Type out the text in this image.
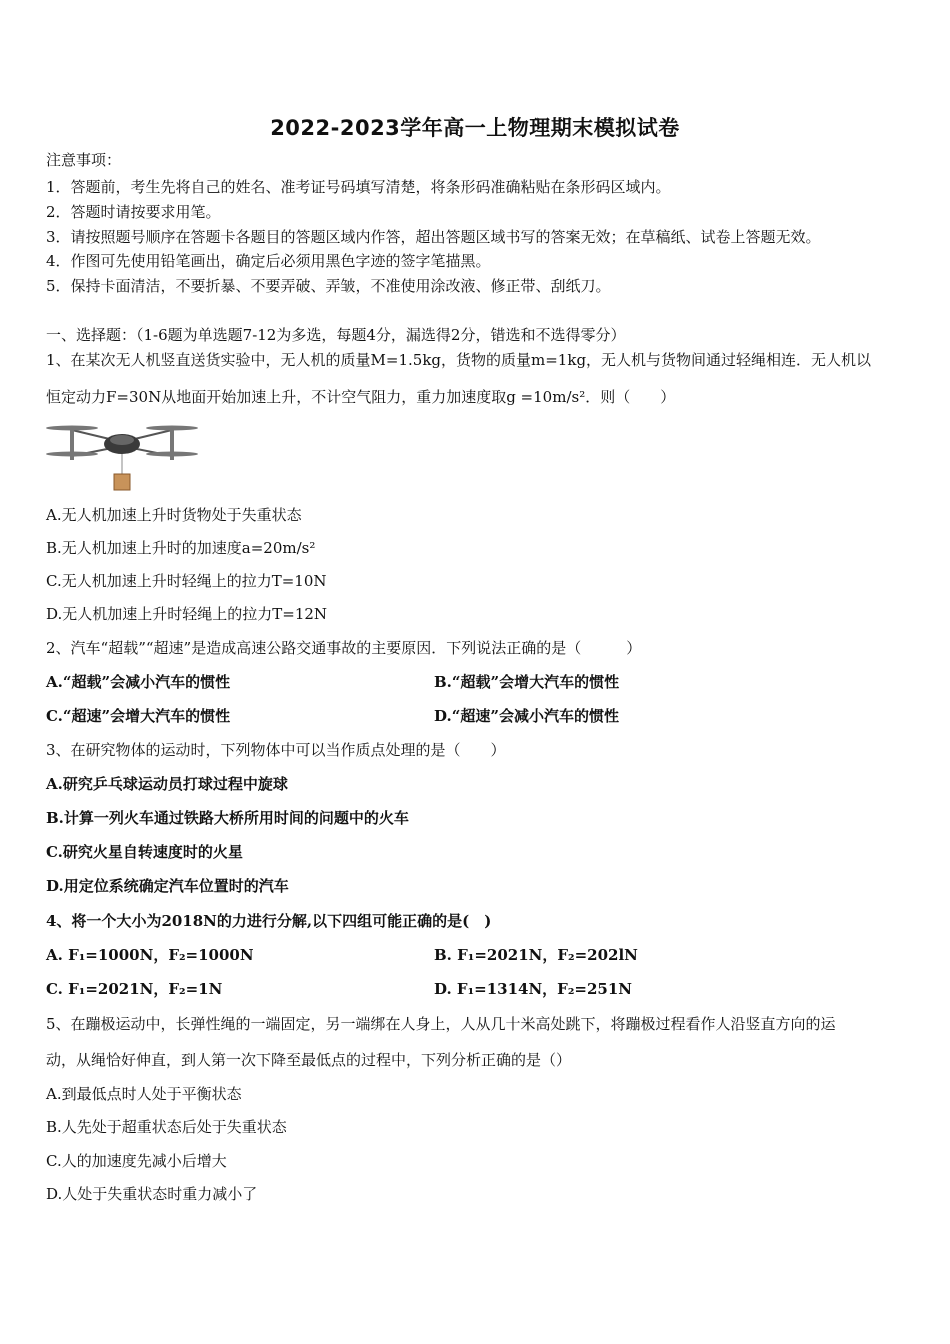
2022-2023学年高一上物理期末模拟试卷
注意事项：
1．答题前，考生先将自己的姓名、准考证号码填写清楚，将条形码准确粘贴在条形码区域内。
2．答题时请按要求用笔。
3．请按照题号顺序在答题卡各题目的答题区域内作答，超出答题区域书写的答案无效；在草稿纸、试卷上答题无效。
4．作图可先使用铅笔画出，确定后必须用黑色字迹的签字笔描黑。
5．保持卡面清洁，不要折暴、不要弄破、弄皱，不准使用涂改液、修正带、刮纸刀。
一、选择题：（1-6题为单选题7-12为多选，每题4分，漏选得2分，错选和不选得零分）
1、在某次无人机竖直送货实验中，无人机的质量M=1.5kg，货物的质量m=1kg，无人机与货物间通过轻绳相连．无人机以
恒定动力F=30N从地面开始加速上升，不计空气阻力，重力加速度取g =10m/s²．则（　　）
A.无人机加速上升时货物处于失重状态
B.无人机加速上升时的加速度a=20m/s²
C.无人机加速上升时轻绳上的拉力T=10N
D.无人机加速上升时轻绳上的拉力T=12N
2、汽车“超载”“超速”是造成高速公路交通事故的主要原因．下列说法正确的是（　　　）
A.“超载”会减小汽车的惯性	B.“超载”会增大汽车的惯性
C.“超速”会增大汽车的惯性	D.“超速”会减小汽车的惯性
3、在研究物体的运动时，下列物体中可以当作质点处理的是（　　）
A.研究乒乓球运动员打球过程中旋球
B.计算一列火车通过铁路大桥所用时间的问题中的火车
C.研究火星自转速度时的火星
D.用定位系统确定汽车位置时的汽车
4、将一个大小为2018N的力进行分解,以下四组可能正确的是(　)
A. F₁=1000N，F₂=1000N	B. F₁=2021N，F₂=202lN
C. F₁=2021N，F₂=1N	D. F₁=1314N，F₂=251N
5、在蹦极运动中，长弹性绳的一端固定，另一端绑在人身上，人从几十米高处跳下，将蹦极过程看作人沿竖直方向的运
动，从绳恰好伸直，到人第一次下降至最低点的过程中，下列分析正确的是（）
A.到最低点时人处于平衡状态
B.人先处于超重状态后处于失重状态
C.人的加速度先减小后增大
D.人处于失重状态时重力减小了
